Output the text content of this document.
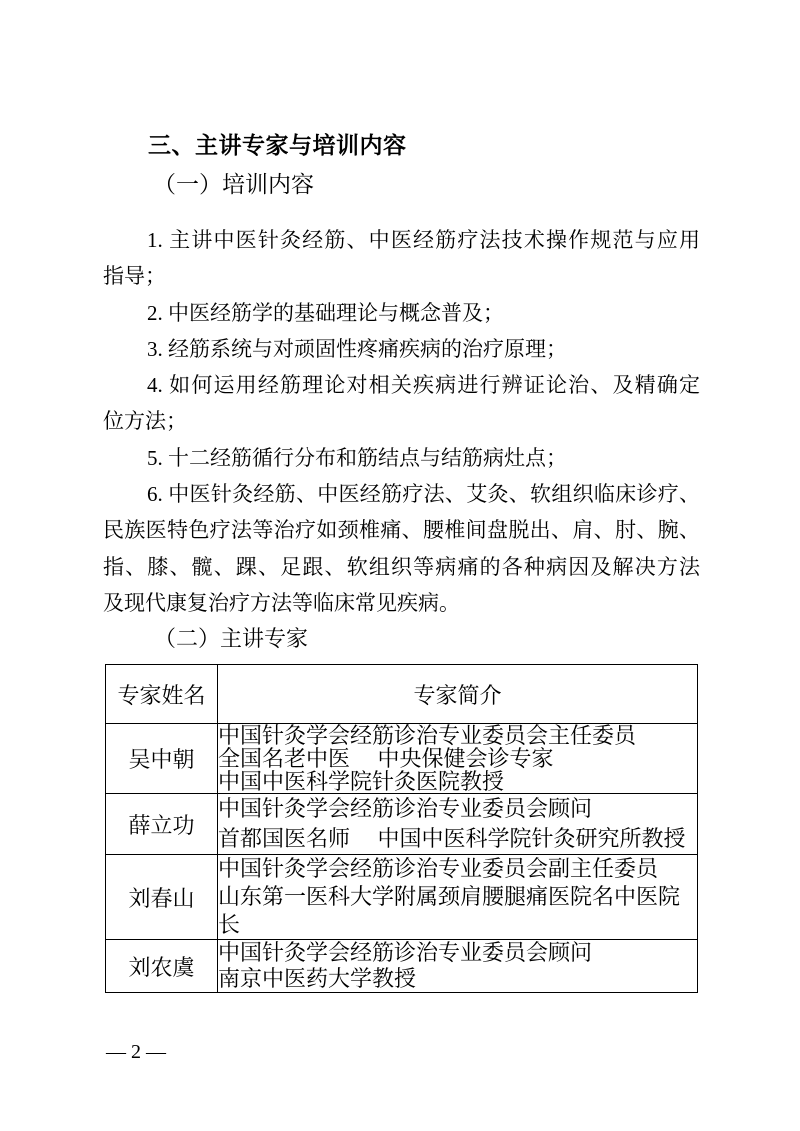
三、主讲专家与培训内容
（一）培训内容
1. 主讲中医针灸经筋、中医经筋疗法技术操作规范与应用
指导；
2. 中医经筋学的基础理论与概念普及；
3. 经筋系统与对顽固性疼痛疾病的治疗原理；
4. 如何运用经筋理论对相关疾病进行辨证论治、及精确定
位方法；
5. 十二经筋循行分布和筋结点与结筋病灶点；
6. 中医针灸经筋、中医经筋疗法、艾灸、软组织临床诊疗、
民族医特色疗法等治疗如颈椎痛、腰椎间盘脱出、肩、肘、腕、
指、膝、髋、踝、足跟、软组织等病痛的各种病因及解决方法
及现代康复治疗方法等临床常见疾病。
（二）主讲专家
专家姓名	专家简介
吴中朝	中国针灸学会经筋诊治专业委员会主任委员
全国名老中医　 中央保健会诊专家
中国中医科学院针灸医院教授

薛立功	中国针灸学会经筋诊治专业委员会顾问
首都国医名师　 中国中医科学院针灸研究所教授

刘春山	中国针灸学会经筋诊治专业委员会副主任委员
山东第一医科大学附属颈肩腰腿痛医院名中医院
长

刘农虞	中国针灸学会经筋诊治专业委员会顾问
南京中医药大学教授
— 2 —
